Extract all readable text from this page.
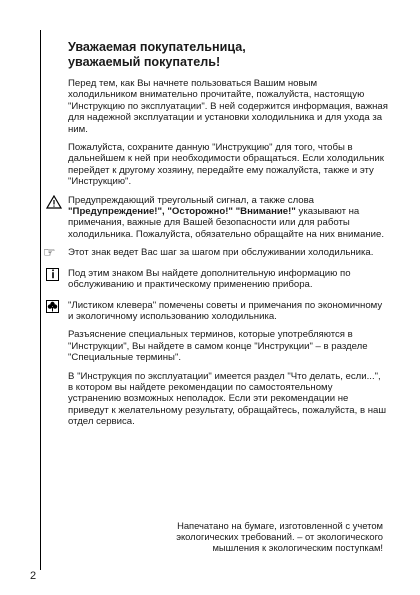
Уважаемая покупательница,
уважаемый покупатель!

Перед тем, как Вы начнете пользоваться Вашим новым холодильником внимательно прочитайте, пожалуйста, настоящую "Инструкцию по эксплуатации". В ней содержится информация, важная для надежной эксплуатации и установки холодильника и для ухода за ним.

Пожалуйста, сохраните данную "Инструкцию" для того, чтобы в дальнейшем к ней при необходимости обращаться. Если холодильник перейдет к другому хозяину, передайте ему пожалуйста, также и эту "Инструкцию".

Предупреждающий треугольный сигнал, а также слова "Предупреждение!", "Осторожно!" "Внимание!" указывают на примечания, важные для Вашей безопасности или для работы холодильника. Пожалуйста, обязательно обращайте на них внимание.
☞	Этот знак ведет Вас шаг за шагом при обслуживании холодильника.
Под этим знаком Вы найдете дополнительную информацию по обслуживанию и практическому применению прибора.
"Листиком клевера" помечены советы и примечания по экономичному и экологичному использованию холодильника.

Разъяснение специальных терминов, которые употребляются в "Инструкции", Вы найдете в самом конце "Инструкции" – в разделе "Специальные термины".

В "Инструкция по эксплуатации" имеется раздел "Что делать, если...", в котором вы найдете рекомендации по самостоятельному устранению возможных неполадок. Если эти рекомендации не приведут к желательному результату, обращайтесь, пожалуйста, в наш отдел сервиса.

Напечатано на бумаге, изготовленной с учетом
экологических требований. – от экологического
мышления к экологическим поступкам!
2
